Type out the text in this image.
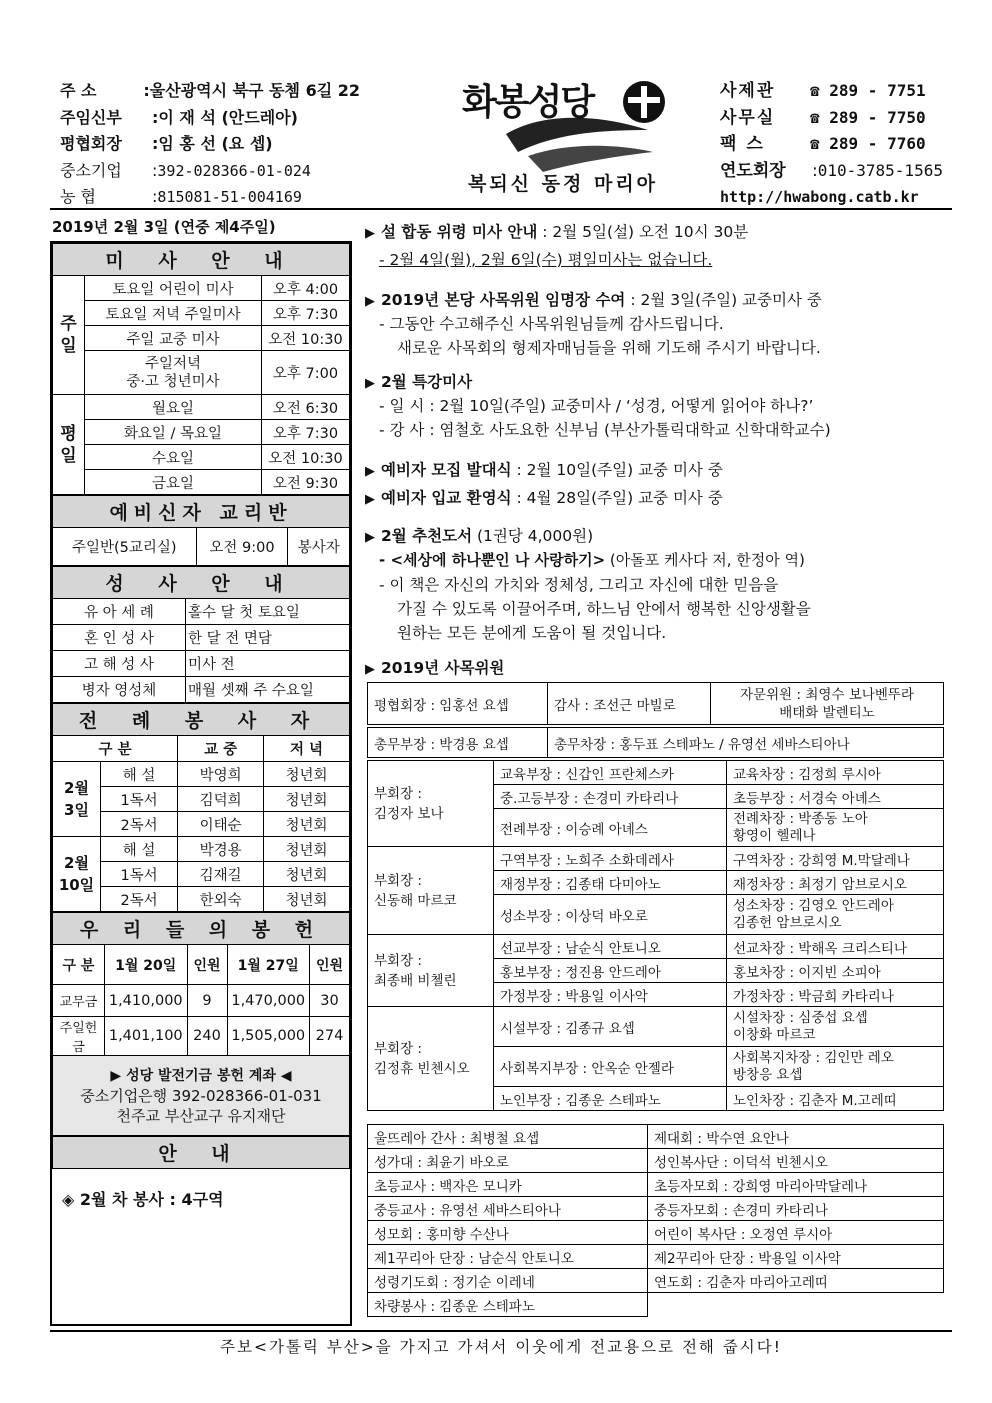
주 소	: 울산광역시 북구 동쳄 6길 22
주임신부	: 이 재 석 (안드레아)
평협회장	: 임 홍 선 (요 셉)
중소기업	: 392-028366-01-024
농 협	: 815081-51-004169
화봉성당
복되신 동정 마리아
사제관	☎ 289 - 7751
사무실	☎ 289 - 7750
팩 스	☎ 289 - 7760
연도회장	: 010-3785-1565
http://hwabong.catb.kr
2019년 2월 3일 (연중 제4주일)
미 사 안 내		
주일	토요일 어린이 미사	오후 4:00
	토요일 저녁 주일미사	오후 7:30
	주일 교중 미사	오전 10:30
	주일저녁
중·고 청년미사	오후 7:00
평일	월요일	오전 6:30
	화요일 / 목요일	오후 7:30
	수요일	오전 10:30
	금요일	오전 9:30
예비신자 교리반
주일반(5교리실)	오전 9:00	봉사자
성 사 안 내	
유 아 세 례	홀수 달 첫 토요일
혼 인 성 사	한 달 전 면담
고 해 성 사	미사 전
병자 영성체	매월 셋째 주 수요일
전 례 봉 사 자			
구 분		교 중	저 녁
2월
3일	해 설	박영희	청년회
	1독서	김덕희	청년회
	2독서	이태순	청년회
2월
10일	해 설	박경용	청년회
	1독서	김재길	청년회
	2독서	한외숙	청년회
우 리 들 의 봉 헌				
구 분	1월 20일	인원	1월 27일	인원
교무금	1,410,000	9	1,470,000	30
주일헌금	1,401,100	240	1,505,000	274

▶ 성당 발전기금 봉헌 계좌 ◀
중소기업은행 392-028366-01-031
천주교 부산교구 유지재단				
안 내
◈ 2월 차 봉사 : 4구역
▶ 설 합동 위령 미사 안내 : 2월 5일(설) 오전 10시 30분
- 2월 4일(월), 2월 6일(수) 평일미사는 없습니다.
▶ 2019년 본당 사목위원 임명장 수여 : 2월 3일(주일) 교중미사 중
- 그동안 수고해주신 사목위원님들께 감사드립니다.
새로운 사목회의 형제자매님들을 위해 기도해 주시기 바랍니다.
▶ 2월 특강미사
- 일 시 : 2월 10일(주일) 교중미사 / ‘성경, 어떻게 읽어야 하나?’
- 강 사 : 염철호 사도요한 신부님 (부산가톨릭대학교 신학대학교수)
▶ 예비자 모집 발대식 : 2월 10일(주일) 교중 미사 중
▶ 예비자 입교 환영식 : 4월 28일(주일) 교중 미사 중
▶ 2월 추천도서 (1권당 4,000원)
- <세상에 하나뿐인 나 사랑하기> (아돌포 케사다 저, 한정아 역)
- 이 책은 자신의 가치와 정체성, 그리고 자신에 대한 믿음을
가질 수 있도록 이끌어주며, 하느님 안에서 행복한 신앙생활을
원하는 모든 분에게 도움이 될 것입니다.
▶ 2019년 사목위원
평협회장 : 임홍선 요셉	감사 : 조선근 마빌로	자문위원 : 최영수 보나벤뚜라
배태화 발렌티노
총무부장 : 박경용 요셉	총무차장 : 홍두표 스테파노 / 유영선 세바스티아나
부회장 :
김정자 보나	교육부장 : 신갑인 프란체스카	교육차장 : 김정희 루시아
	중.고등부장 : 손경미 카타리나	초등부장 : 서경숙 아녜스
	전례부장 : 이승례 아녜스	전례차장 : 박종동 노아
황영이 헬레나
부회장 :
신동해 마르코	구역부장 : 노희주 소화데레사	구역차장 : 강희영 M.막달레나
	재정부장 : 김종태 다미아노	재정차장 : 최정기 암브로시오
	성소부장 : 이상덕 바오로	성소차장 : 김영오 안드레아
김종헌 암브로시오
부회장 :
최종배 비첼린	선교부장 : 남순식 안토니오	선교차장 : 박해옥 크리스티나
	홍보부장 : 정진용 안드레아	홍보차장 : 이지빈 소피아
	가정부장 : 박용일 이사악	가정차장 : 박금희 카타리나
부회장 :
김정휴 빈첸시오	시설부장 : 김종규 요셉	시설차장 : 심중섭 요셉
이창화 마르코
	사회복지부장 : 안옥순 안젤라	사회복지차장 : 김인만 레오
방창응 요셉
	노인부장 : 김종운 스테파노	노인차장 : 김춘자 M.고레띠
울뜨레아 간사 : 최병철 요셉	제대회 : 박수연 요안나
성가대 : 최윤기 바오로	성인복사단 : 이덕석 빈첸시오
초등교사 : 백자은 모니카	초등자모회 : 강희영 마리아막달레나
중등교사 : 유영선 세바스티아나	중등자모회 : 손경미 카타리나
성모회 : 홍미향 수산나	어린이 복사단 : 오정연 루시아
제1꾸리아 단장 : 남순식 안토니오	제2꾸리아 단장 : 박용일 이사악
성령기도회 : 정기순 이레네	연도회 : 김춘자 마리아고레띠
차량봉사 : 김종운 스테파노	
주보<가톨릭 부산>을 가지고 가셔서 이웃에게 전교용으로 전해 줍시다!
